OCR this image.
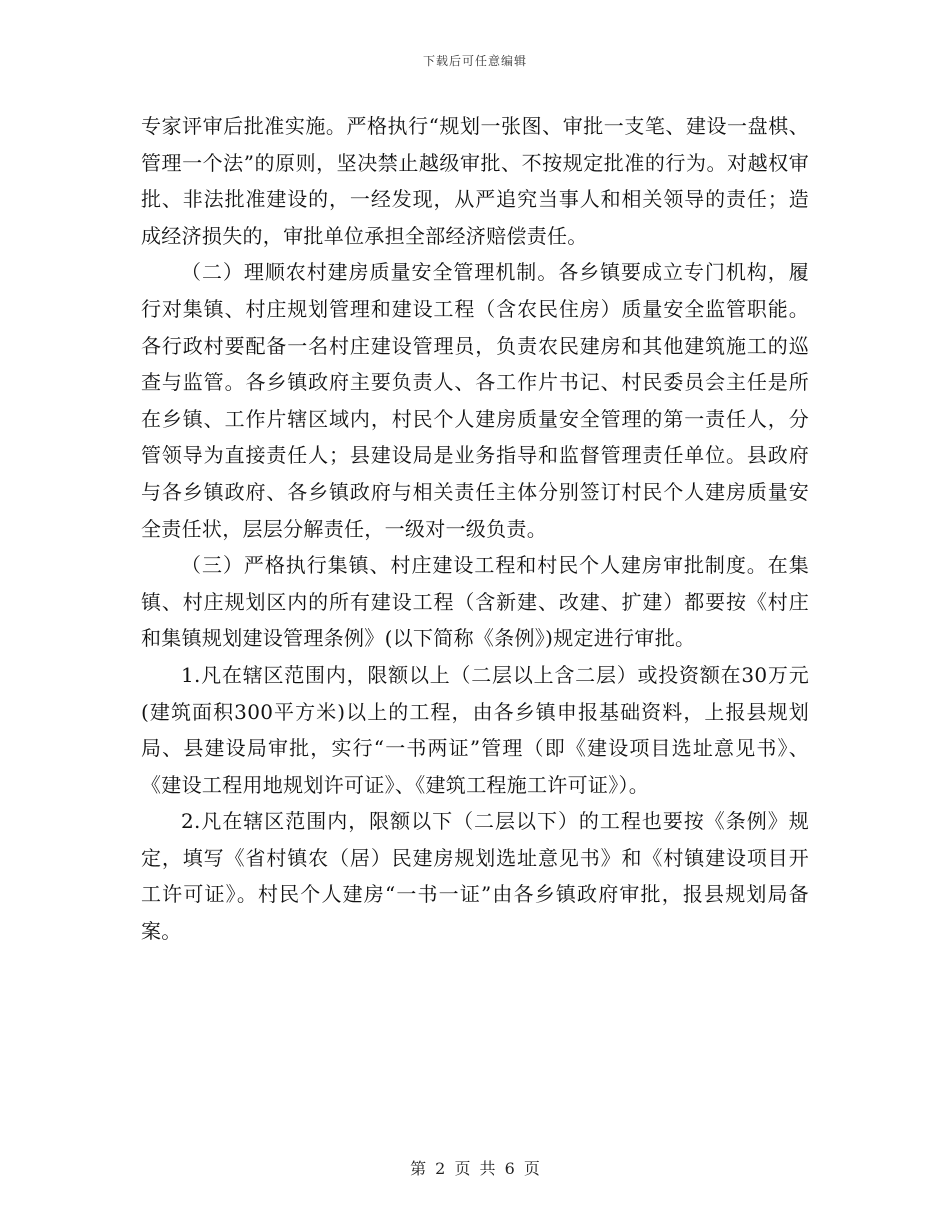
下载后可任意编辑

专家评审后批准实施。严格执行“规划一张图、审批一支笔、建设一盘棋、管理一个法”的原则，坚决禁止越级审批、不按规定批准的行为。对越权审批、非法批准建设的，一经发现，从严追究当事人和相关领导的责任；造成经济损失的，审批单位承担全部经济赔偿责任。

（二）理顺农村建房质量安全管理机制。各乡镇要成立专门机构，履行对集镇、村庄规划管理和建设工程（含农民住房）质量安全监管职能。各行政村要配备一名村庄建设管理员，负责农民建房和其他建筑施工的巡查与监管。各乡镇政府主要负责人、各工作片书记、村民委员会主任是所在乡镇、工作片辖区域内，村民个人建房质量安全管理的第一责任人，分管领导为直接责任人；县建设局是业务指导和监督管理责任单位。县政府与各乡镇政府、各乡镇政府与相关责任主体分别签订村民个人建房质量安全责任状，层层分解责任，一级对一级负责。

（三）严格执行集镇、村庄建设工程和村民个人建房审批制度。在集镇、村庄规划区内的所有建设工程（含新建、改建、扩建）都要按《村庄和集镇规划建设管理条例》(以下简称《条例》)规定进行审批。

1.凡在辖区范围内，限额以上（二层以上含二层）或投资额在30万元(建筑面积300平方米)以上的工程，由各乡镇申报基础资料，上报县规划局、县建设局审批，实行“一书两证”管理（即《建设项目选址意见书》、《建设工程用地规划许可证》、《建筑工程施工许可证》）。

2.凡在辖区范围内，限额以下（二层以下）的工程也要按《条例》规定，填写《省村镇农（居）民建房规划选址意见书》和《村镇建设项目开工许可证》。村民个人建房“一书一证”由各乡镇政府审批，报县规划局备案。

第 2 页 共 6 页
